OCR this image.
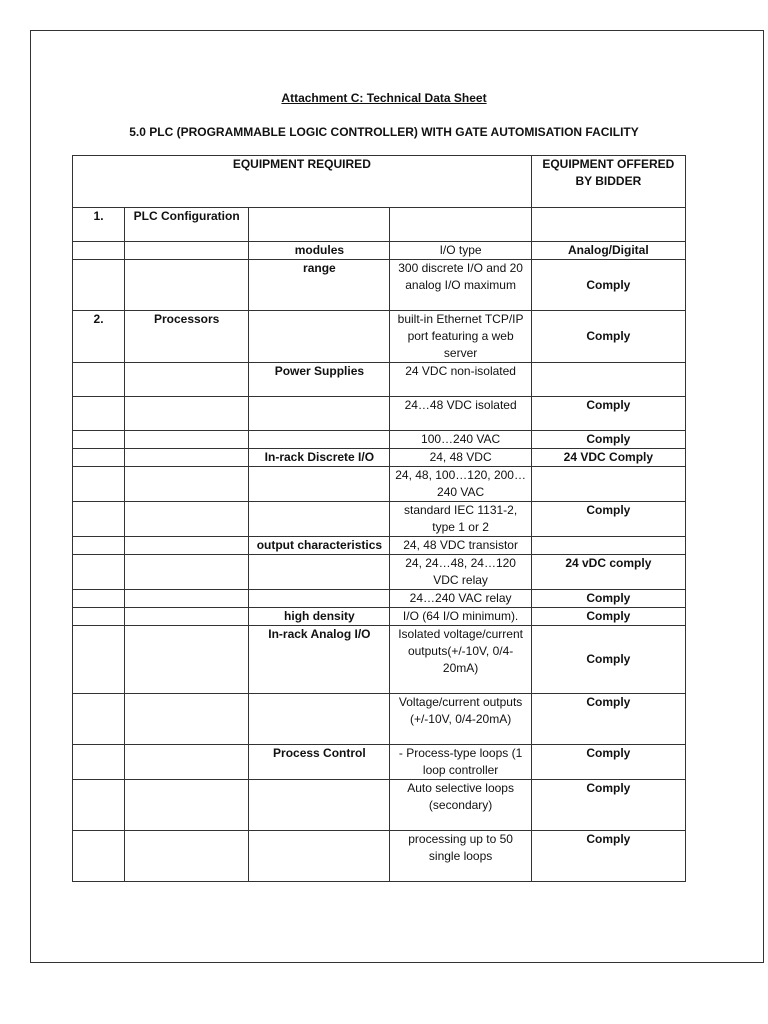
Attachment C: Technical Data Sheet
5.0 PLC (PROGRAMMABLE LOGIC CONTROLLER) WITH GATE AUTOMISATION FACILITY
EQUIPMENT REQUIRED				EQUIPMENT OFFERED BY BIDDER
1.	PLC Configuration			
		modules	I/O type	Analog/Digital
		range	300 discrete I/O and 20 analog I/O maximum	Comply
2.	Processors		built-in Ethernet TCP/IP port featuring a web server	Comply
		Power Supplies	24 VDC non-isolated	
			24…48 VDC isolated	Comply
			100…240 VAC	Comply
		In-rack Discrete I/O	24, 48 VDC	24 VDC Comply
			24, 48, 100…120, 200…240 VAC	
			standard IEC 1131-2, type 1 or 2	Comply
		output characteristics	24, 48 VDC transistor	
			24, 24…48, 24…120 VDC relay	24 vDC comply
			24…240 VAC relay	Comply
		high density	I/O (64 I/O minimum).	Comply
		In-rack Analog I/O	Isolated voltage/current outputs(+/-10V, 0/4-20mA)	Comply
			Voltage/current outputs (+/-10V, 0/4-20mA)	Comply
		Process Control	- Process-type loops (1 loop controller	Comply
			Auto selective loops (secondary)	Comply
			processing up to 50 single loops	Comply
